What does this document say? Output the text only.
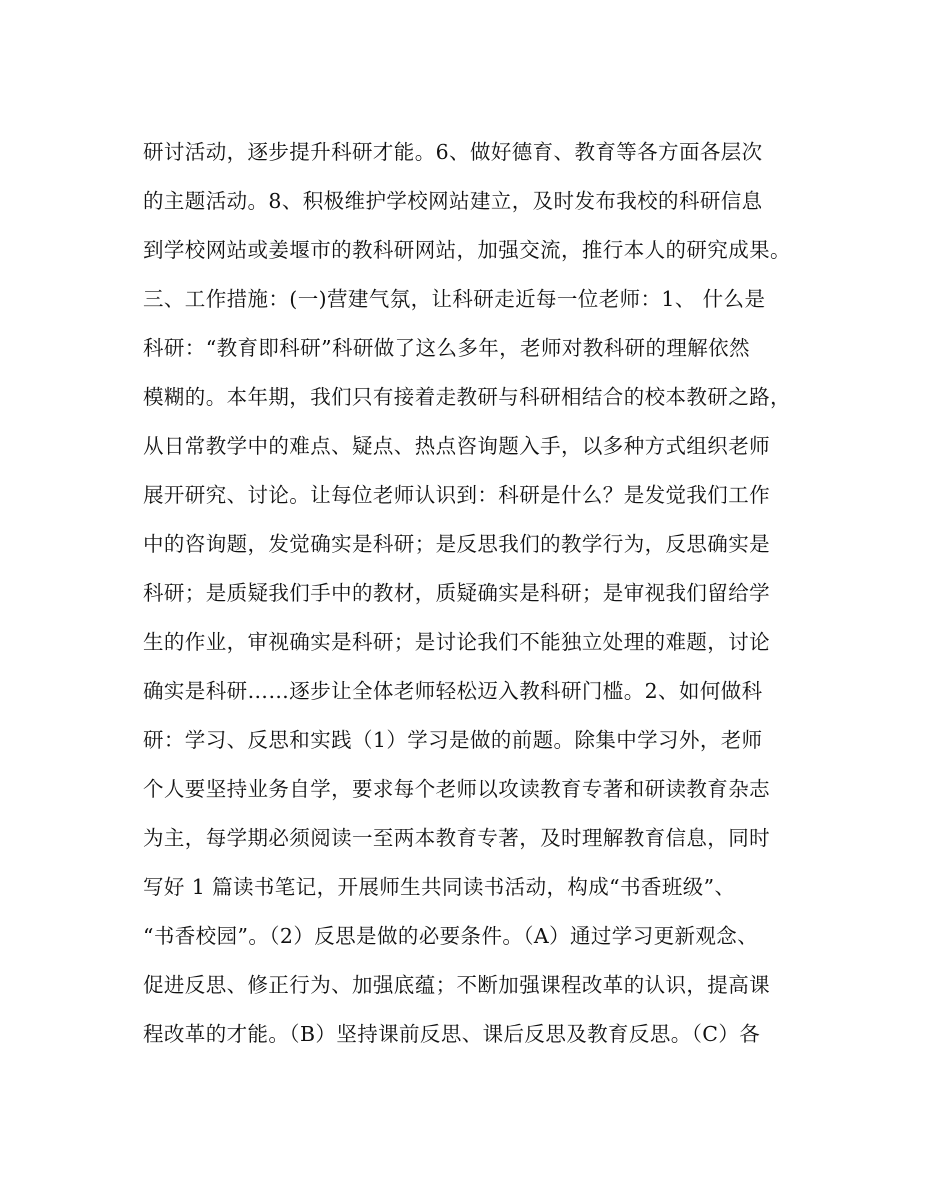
研讨活动，逐步提升科研才能。6、做好德育、教育等各方面各层次
的主题活动。8、积极维护学校网站建立，及时发布我校的科研信息
到学校网站或姜堰市的教科研网站，加强交流，推行本人的研究成果。
三、工作措施：(一)营建气氛，让科研走近每一位老师：1、 什么是
科研：“教育即科研”科研做了这么多年，老师对教科研的理解依然
模糊的。本年期，我们只有接着走教研与科研相结合的校本教研之路，
从日常教学中的难点、疑点、热点咨询题入手，以多种方式组织老师
展开研究、讨论。让每位老师认识到：科研是什么？是发觉我们工作
中的咨询题，发觉确实是科研；是反思我们的教学行为，反思确实是
科研；是质疑我们手中的教材，质疑确实是科研；是审视我们留给学
生的作业，审视确实是科研；是讨论我们不能独立处理的难题，讨论
确实是科研……逐步让全体老师轻松迈入教科研门槛。2、如何做科
研：学习、反思和实践（1）学习是做的前题。除集中学习外，老师
个人要坚持业务自学，要求每个老师以攻读教育专著和研读教育杂志
为主，每学期必须阅读一至两本教育专著，及时理解教育信息，同时
写好 1 篇读书笔记，开展师生共同读书活动，构成“书香班级”、
“书香校园”。（2）反思是做的必要条件。（A）通过学习更新观念、
促进反思、修正行为、加强底蕴；不断加强课程改革的认识，提高课
程改革的才能。（B）坚持课前反思、课后反思及教育反思。（C）各
